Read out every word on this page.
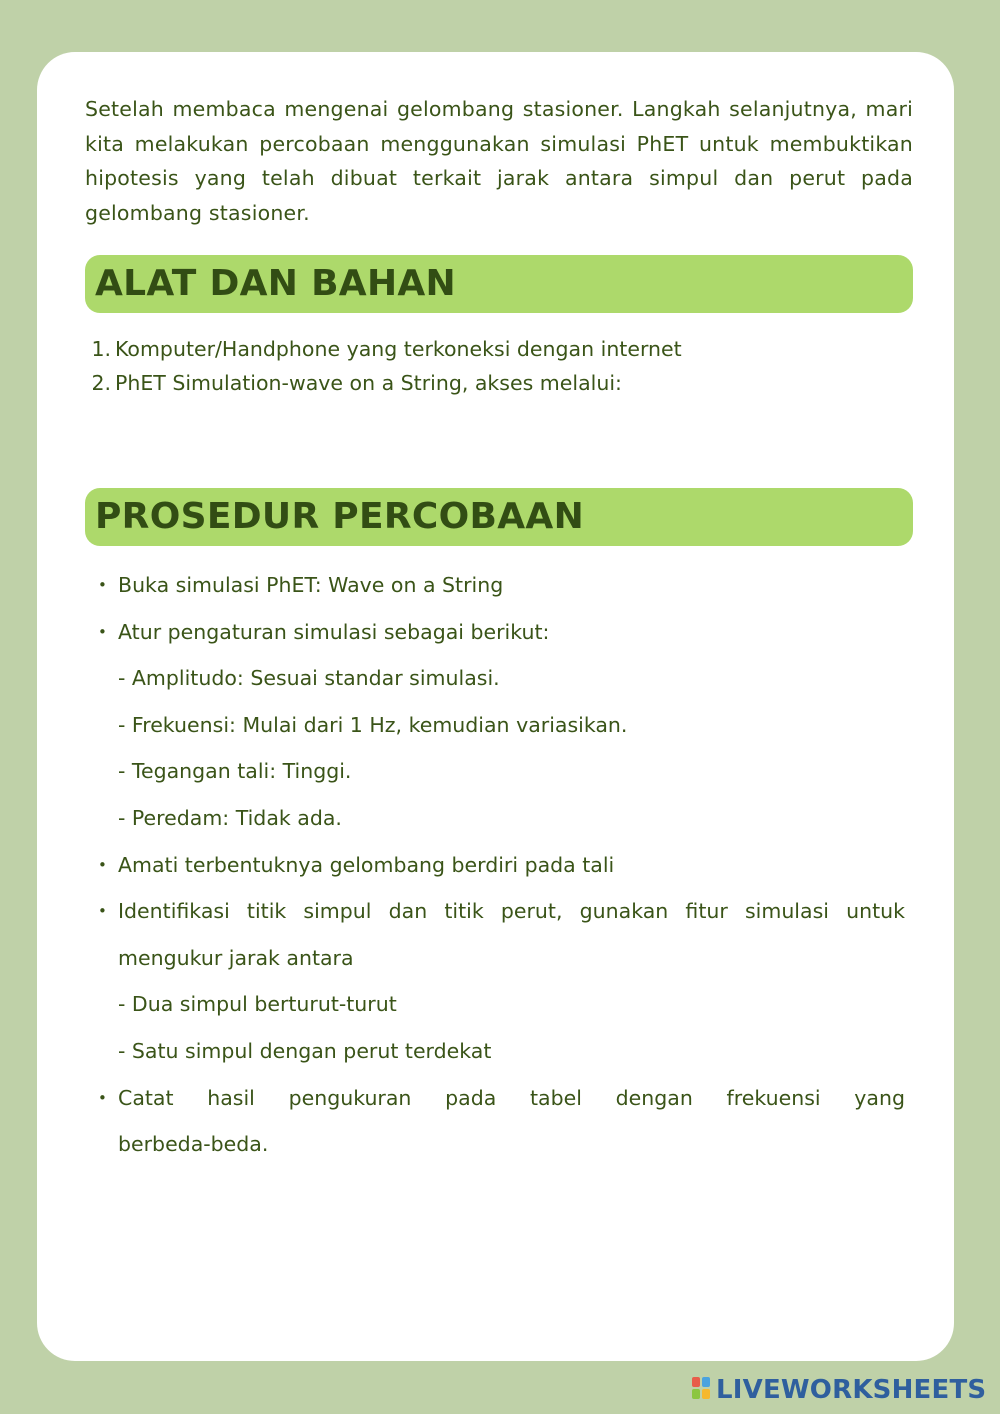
Setelah membaca mengenai gelombang stasioner. Langkah selanjutnya, mari kita melakukan percobaan menggunakan simulasi PhET untuk membuktikan hipotesis yang telah dibuat terkait jarak antara simpul dan perut pada gelombang stasioner.

ALAT DAN BAHAN
1. Komputer/Handphone yang terkoneksi dengan internet
2. PhET Simulation-wave on a String, akses melalui:
PROSEDUR PERCOBAAN
• Buka simulasi PhET: Wave on a String
• Atur pengaturan simulasi sebagai berikut:
- Amplitudo: Sesuai standar simulasi.
- Frekuensi: Mulai dari 1 Hz, kemudian variasikan.
- Tegangan tali: Tinggi.
- Peredam: Tidak ada.
• Amati terbentuknya gelombang berdiri pada tali
• Identifikasi titik simpul dan titik perut, gunakan fitur simulasi untuk
mengukur jarak antara
- Dua simpul berturut-turut
- Satu simpul dengan perut terdekat
• Catat hasil pengukuran pada tabel dengan frekuensi yang
berbeda-beda.
LIVEWORKSHEETS
